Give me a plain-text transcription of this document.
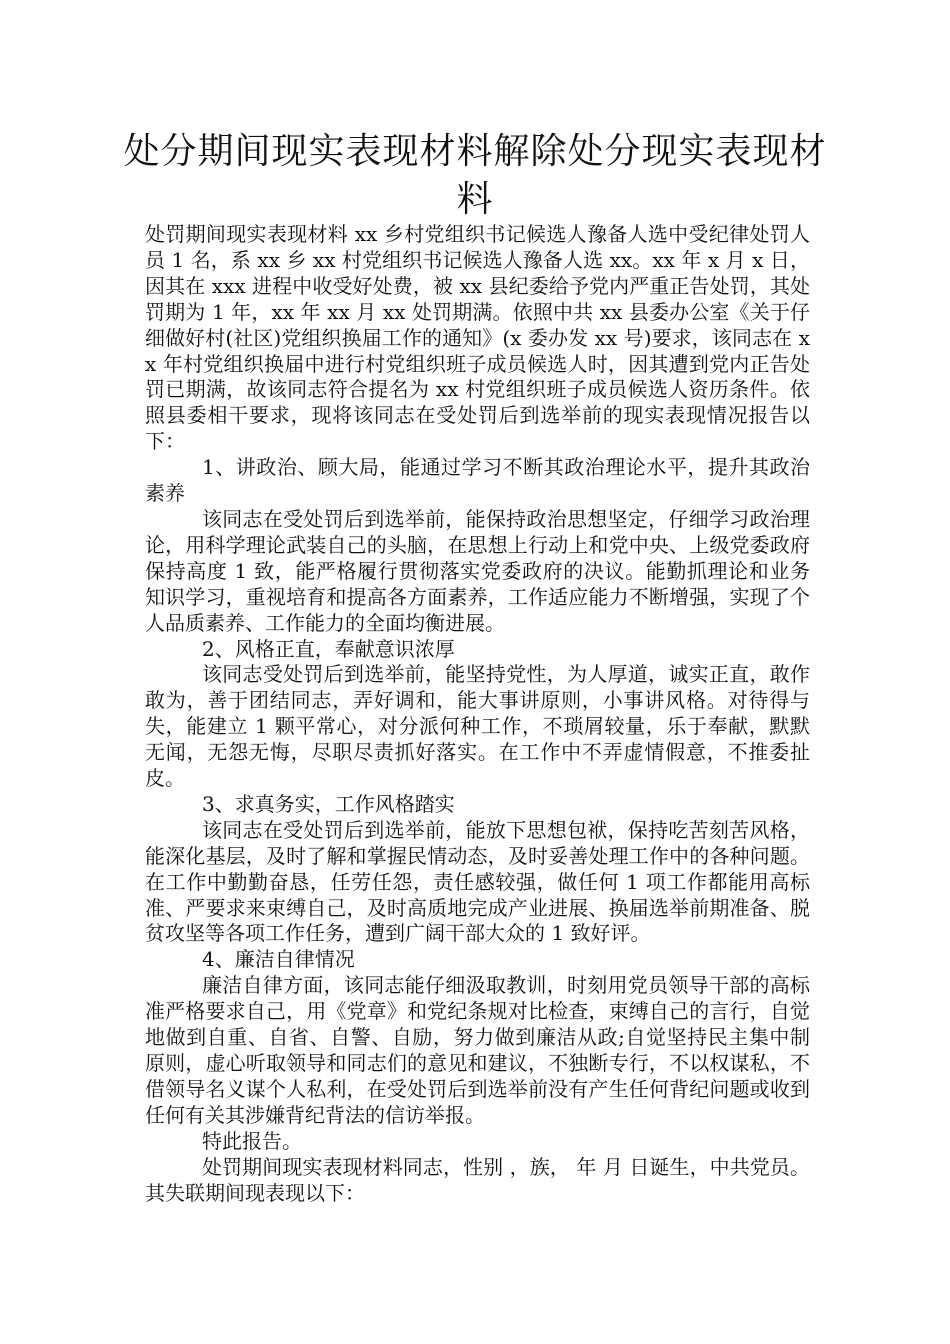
处分期间现实表现材料解除处分现实表现材料

处罚期间现实表现材料 xx 乡村党组织书记候选人豫备人选中受纪律处罚人员 1 名，系 xx 乡 xx 村党组织书记候选人豫备人选 xx。xx 年 x 月 x 日，因其在 xxx 进程中收受好处费，被 xx 县纪委给予党内严重正告处罚，其处罚期为 1 年，xx 年 xx 月 xx 处罚期满。依照中共 xx 县委办公室《关于仔细做好村(社区)党组织换届工作的通知》(x 委办发 xx 号)要求，该同志在 xx 年村党组织换届中进行村党组织班子成员候选人时，因其遭到党内正告处罚已期满，故该同志符合提名为 xx 村党组织班子成员候选人资历条件。依照县委相干要求，现将该同志在受处罚后到选举前的现实表现情况报告以下：

1、讲政治、顾大局，能通过学习不断其政治理论水平，提升其政治素养

该同志在受处罚后到选举前，能保持政治思想坚定，仔细学习政治理论，用科学理论武装自己的头脑，在思想上行动上和党中央、上级党委政府保持高度 1 致，能严格履行贯彻落实党委政府的决议。能勤抓理论和业务知识学习，重视培育和提高各方面素养，工作适应能力不断增强，实现了个人品质素养、工作能力的全面均衡进展。

2、风格正直，奉献意识浓厚

该同志受处罚后到选举前，能坚持党性，为人厚道，诚实正直，敢作敢为，善于团结同志，弄好调和，能大事讲原则，小事讲风格。对待得与失，能建立 1 颗平常心，对分派何种工作，不琐屑较量，乐于奉献，默默无闻，无怨无悔，尽职尽责抓好落实。在工作中不弄虚情假意，不推委扯皮。

3、求真务实，工作风格踏实

该同志在受处罚后到选举前，能放下思想包袱，保持吃苦刻苦风格，能深化基层，及时了解和掌握民情动态，及时妥善处理工作中的各种问题。在工作中勤勤奋恳，任劳任怨，责任感较强，做任何 1 项工作都能用高标准、严要求来束缚自己，及时高质地完成产业进展、换届选举前期准备、脱贫攻坚等各项工作任务，遭到广阔干部大众的 1 致好评。

4、廉洁自律情况

廉洁自律方面，该同志能仔细汲取教训，时刻用党员领导干部的高标准严格要求自己，用《党章》和党纪条规对比检查，束缚自己的言行，自觉地做到自重、自省、自警、自励，努力做到廉洁从政;自觉坚持民主集中制原则，虚心听取领导和同志们的意见和建议，不独断专行，不以权谋私，不借领导名义谋个人私利，在受处罚后到选举前没有产生任何背纪问题或收到任何有关其涉嫌背纪背法的信访举报。

特此报告。

处罚期间现实表现材料同志，性别 ，族， 年 月 日诞生，中共党员。其失联期间现表现以下：
